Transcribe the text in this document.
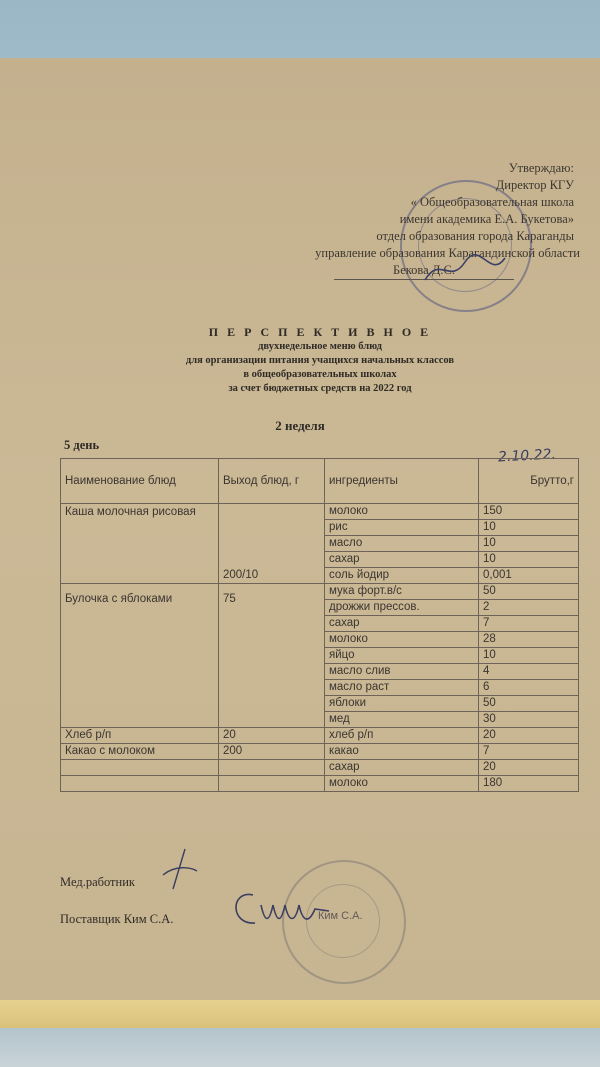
Утверждаю:
Директор КГУ
« Общеобразовательная школа
имени академика Е.А. Букетова»
отдел образования города Караганды
управление образования Карагандинской области
Бекова Д.С.
П Е Р С П Е К Т И В Н О Е
двухнедельное меню блюд
для организации питания учащихся начальных классов
в общеобразовательных школах
за счет бюджетных средств на 2022 год
2 неделя
5 день
2.10.22.
Наименование блюд	Выход блюд, г	ингредиенты	Брутто,г
Каша молочная рисовая	200/10	молоко	150
		рис	10
		масло	10
		сахар	10
		соль йодир	0,001
Булочка с яблоками	75	мука форт.в/с	50
		дрожжи прессов.	2
		сахар	7
		молоко	28
		яйцо	10
		масло слив	4
		масло раст	6
		яблоки	50
		мед	30
Хлеб р/п	20	хлеб р/п	20
Какао с молоком	200	какао	7
		сахар	20
		молоко	180
Мед.работник
Поставщик Ким С.А.	Ким С.А.
